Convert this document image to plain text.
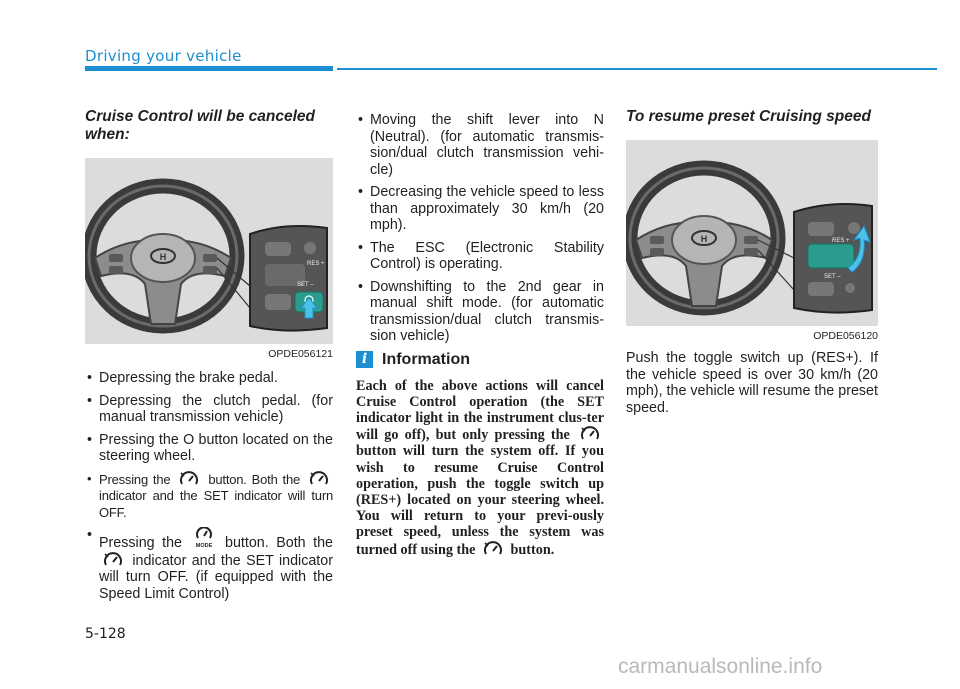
Driving your vehicle
Cruise Control will be canceled when:
H
RES +
SET –
OPDE056121
• Depressing the brake pedal.
• Depressing the clutch pedal. (for manual transmission vehicle)
• Pressing the O button located on the steering wheel.
• Pressing the	button. Both the  indicator and the SET indicator will turn OFF.
• Pressing the MODE button. Both the  indicator and the SET indicator will turn OFF. (if equipped with the Speed Limit Control)
• Moving the shift lever into N (Neutral). (for automatic transmis-sion/dual clutch transmission vehi-cle)
• Decreasing the vehicle speed to less than approximately 30 km/h (20 mph).
• The ESC (Electronic Stability Control) is operating.
• Downshifting to the 2nd gear in manual shift mode. (for automatic transmission/dual clutch transmis-sion vehicle)
i Information
Each of the above actions will cancel Cruise Control operation (the SET indicator light in the instrument clus-ter will go off), but only pressing the  button will turn the system off. If you wish to resume Cruise Control operation, push the toggle switch up (RES+) located on your steering wheel. You will return to your previ-ously preset speed, unless the system was turned off using the button.
To resume preset Cruising speed
H	RES +
SET –
OPDE056120
Push the toggle switch up (RES+). If the vehicle speed is over 30 km/h (20 mph), the vehicle will resume the preset speed.
5-128
carmanualsonline.info
